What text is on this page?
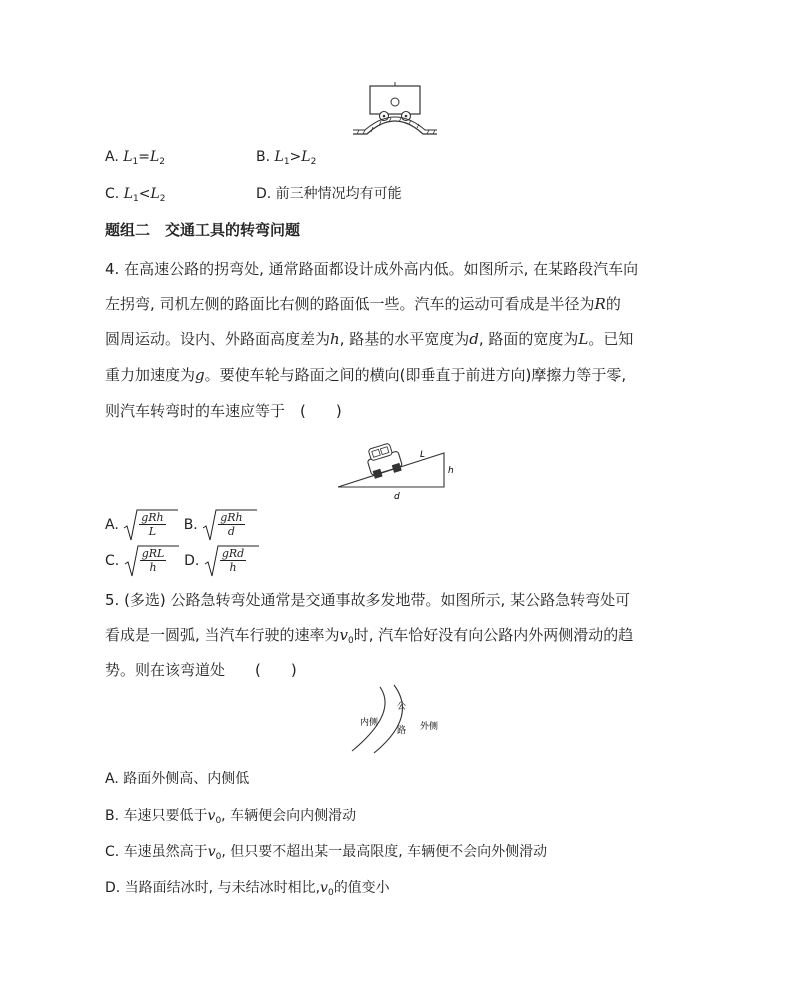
A. $L_1=L_2$	B. $L_1>L_2$
C. $L_1<L_2$	D. 前三种情况均有可能
题组二　交通工具的转弯问题
4. 在高速公路的拐弯处, 通常路面都设计成外高内低。如图所示, 在某路段汽车向
左拐弯, 司机左侧的路面比右侧的路面低一些。汽车的运动可看成是半径为R的
圆周运动。设内、外路面高度差为h, 路基的水平宽度为d, 路面的宽度为L。已知
重力加速度为g。要使车轮与路面之间的横向(即垂直于前进方向)摩擦力等于零,
则汽车转弯时的车速应等于　(　　)
L
h
d
A. gRh
L B. gRh
d
C. gRL
h D. gRd
h
5. (多选) 公路急转弯处通常是交通事故多发地带。如图所示, 某公路急转弯处可
看成是一圆弧, 当汽车行驶的速率为$v_0$时, 汽车恰好没有向公路内外两侧滑动的趋
势。则在该弯道处　　(　　)
内侧
公
路 外侧
A. 路面外侧高、内侧低
B. 车速只要低于$v_0$, 车辆便会向内侧滑动
C. 车速虽然高于$v_0$, 但只要不超出某一最高限度, 车辆便不会向外侧滑动
D. 当路面结冰时, 与未结冰时相比$,v_0$的值变小
